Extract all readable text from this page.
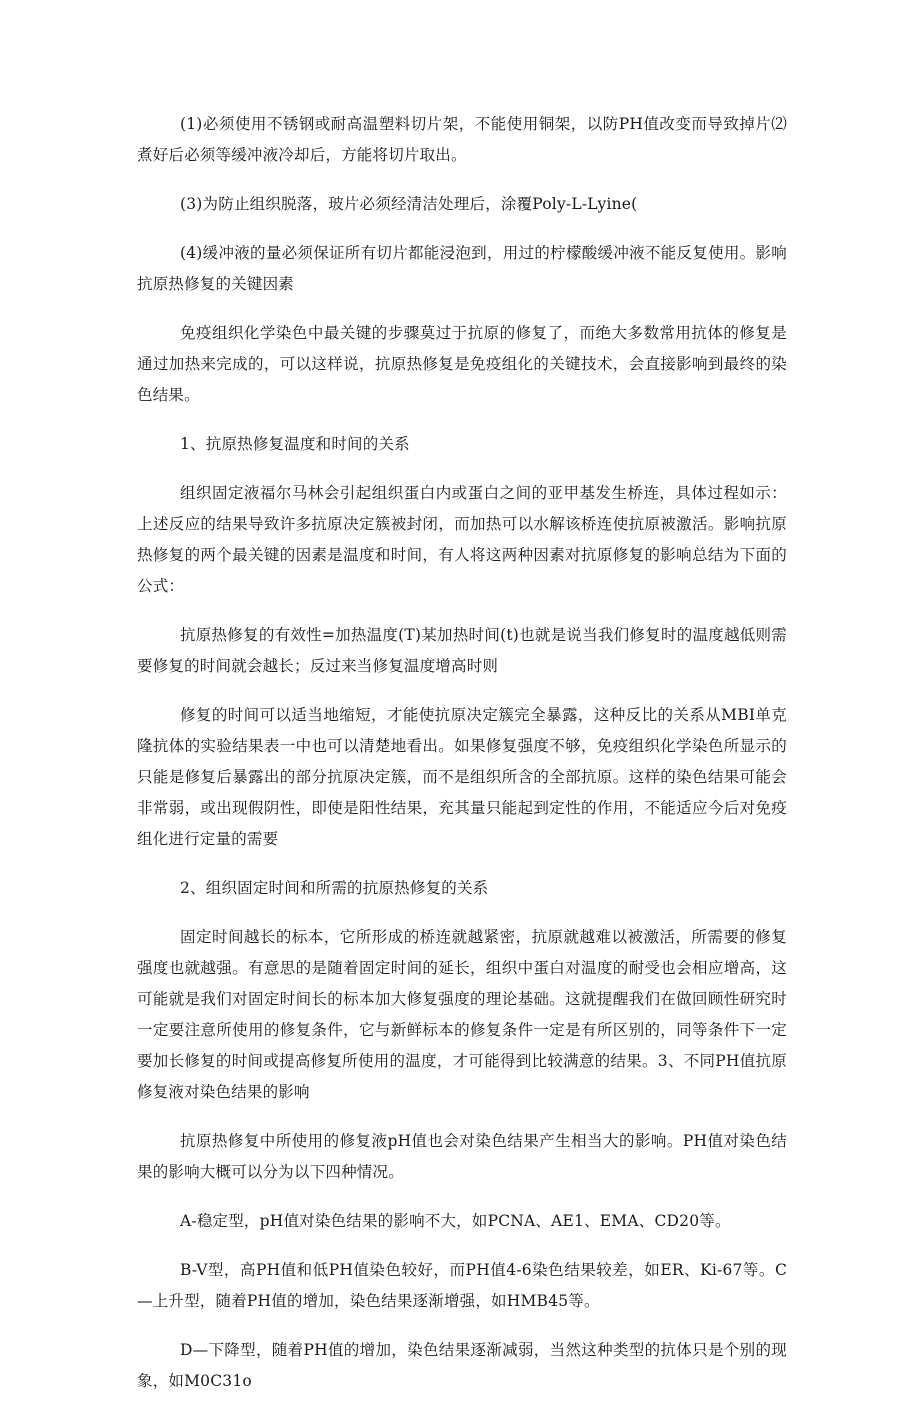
(1)必须使用不锈钢或耐高温塑料切片架，不能使用铜架，以防PH值改变而导致掉片⑵煮好后必须等缓冲液冷却后，方能将切片取出。

(3)为防止组织脱落，玻片必须经清洁处理后，涂覆Poly-L-Lyine(

(4)缓冲液的量必须保证所有切片都能浸泡到，用过的柠檬酸缓冲液不能反复使用。影响抗原热修复的关键因素

免疫组织化学染色中最关键的步骤莫过于抗原的修复了，而绝大多数常用抗体的修复是通过加热来完成的，可以这样说，抗原热修复是免疫组化的关键技术，会直接影响到最终的染色结果。

1、抗原热修复温度和时间的关系

组织固定液福尔马林会引起组织蛋白内或蛋白之间的亚甲基发生桥连，具体过程如示：上述反应的结果导致许多抗原决定簇被封闭，而加热可以水解该桥连使抗原被激活。影响抗原热修复的两个最关键的因素是温度和时间，有人将这两种因素对抗原修复的影响总结为下面的公式：

抗原热修复的有效性=加热温度(T)某加热时间(t)也就是说当我们修复时的温度越低则需要修复的时间就会越长；反过来当修复温度增高时则

修复的时间可以适当地缩短，才能使抗原决定簇完全暴露，这种反比的关系从MBI单克隆抗体的实验结果表一中也可以清楚地看出。如果修复强度不够，免疫组织化学染色所显示的只能是修复后暴露出的部分抗原决定簇，而不是组织所含的全部抗原。这样的染色结果可能会非常弱，或出现假阴性，即使是阳性结果，充其量只能起到定性的作用，不能适应今后对免疫组化进行定量的需要

2、组织固定时间和所需的抗原热修复的关系

固定时间越长的标本，它所形成的桥连就越紧密，抗原就越难以被激活，所需要的修复强度也就越强。有意思的是随着固定时间的延长，组织中蛋白对温度的耐受也会相应增高，这可能就是我们对固定时间长的标本加大修复强度的理论基础。这就提醒我们在做回顾性研究时一定要注意所使用的修复条件，它与新鲜标本的修复条件一定是有所区别的，同等条件下一定要加长修复的时间或提高修复所使用的温度，才可能得到比较满意的结果。3、不同PH值抗原修复液对染色结果的影响

抗原热修复中所使用的修复液pH值也会对染色结果产生相当大的影响。PH值对染色结果的影响大概可以分为以下四种情况。

A-稳定型，pH值对染色结果的影响不大，如PCNA、AE1、EMA、CD20等。

B-V型，高PH值和低PH值染色较好，而PH值4-6染色结果较差，如ER、Ki-67等。C—上升型，随着PH值的增加，染色结果逐渐增强，如HMB45等。

D—下降型，随着PH值的增加，染色结果逐渐减弱，当然这种类型的抗体只是个别的现象，如M0C31o
